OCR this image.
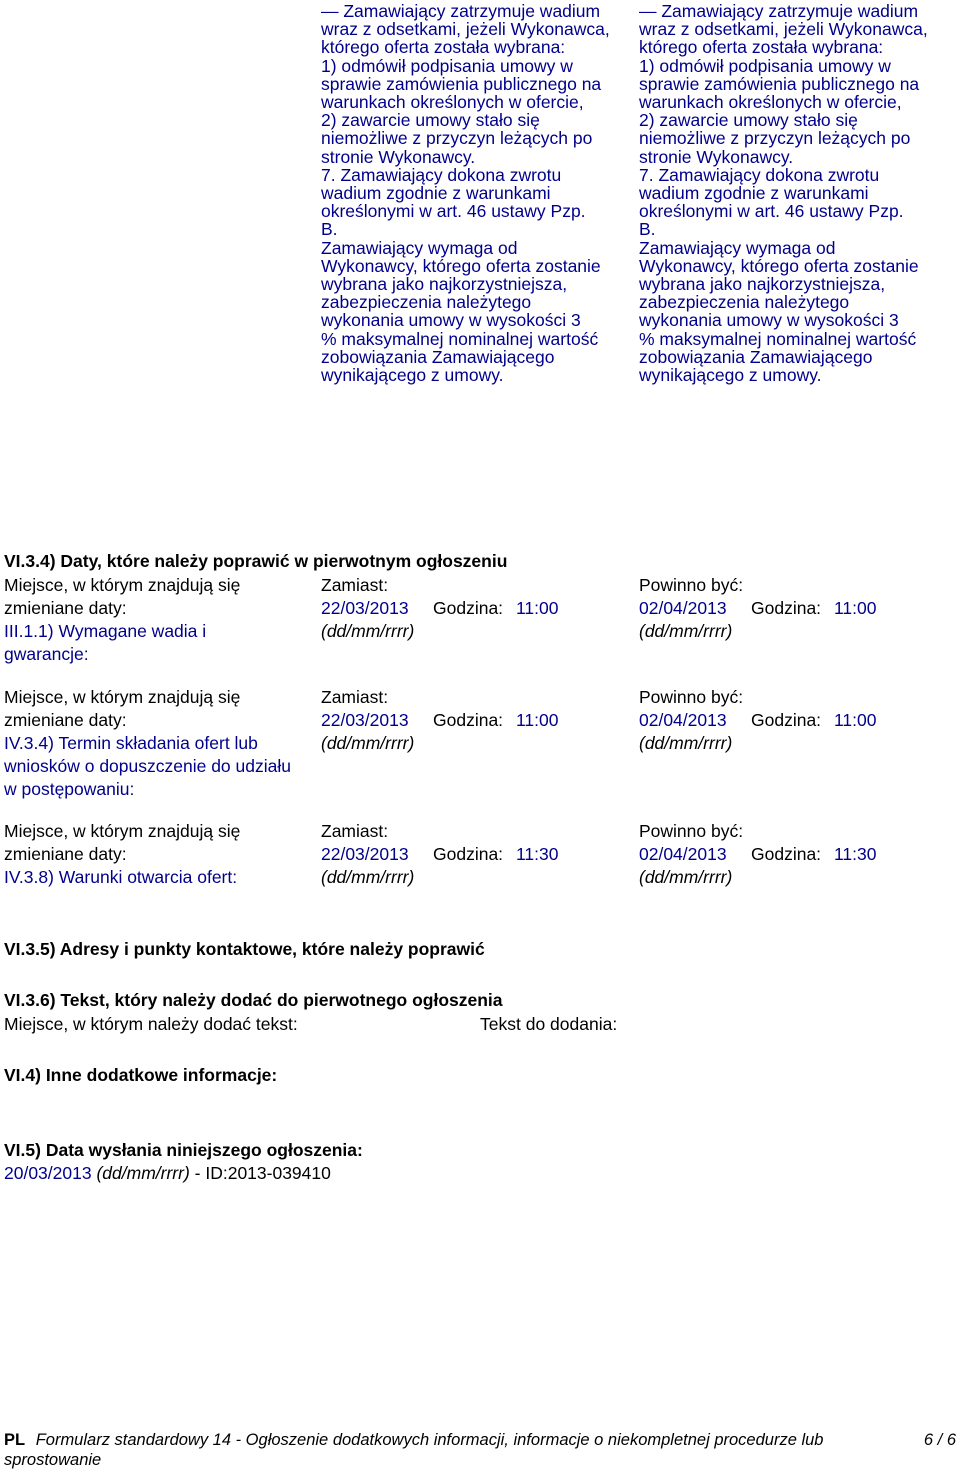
— Zamawiający zatrzymuje wadium
wraz z odsetkami, jeżeli Wykonawca,
którego oferta została wybrana:
1) odmówił podpisania umowy w
sprawie zamówienia publicznego na
warunkach określonych w ofercie,
2) zawarcie umowy stało się
niemożliwe z przyczyn leżących po
stronie Wykonawcy.
7. Zamawiający dokona zwrotu
wadium zgodnie z warunkami
określonymi w art. 46 ustawy Pzp.
B.
Zamawiający wymaga od
Wykonawcy, którego oferta zostanie
wybrana jako najkorzystniejsza,
zabezpieczenia należytego
wykonania umowy w wysokości 3
% maksymalnej nominalnej wartość
zobowiązania Zamawiającego
wynikającego z umowy.
— Zamawiający zatrzymuje wadium
wraz z odsetkami, jeżeli Wykonawca,
którego oferta została wybrana:
1) odmówił podpisania umowy w
sprawie zamówienia publicznego na
warunkach określonych w ofercie,
2) zawarcie umowy stało się
niemożliwe z przyczyn leżących po
stronie Wykonawcy.
7. Zamawiający dokona zwrotu
wadium zgodnie z warunkami
określonymi w art. 46 ustawy Pzp.
B.
Zamawiający wymaga od
Wykonawcy, którego oferta zostanie
wybrana jako najkorzystniejsza,
zabezpieczenia należytego
wykonania umowy w wysokości 3
% maksymalnej nominalnej wartość
zobowiązania Zamawiającego
wynikającego z umowy.
VI.3.4) Daty, które należy poprawić w pierwotnym ogłoszeniu
Miejsce, w którym znajdują się
zmieniane daty:
III.1.1) Wymagane wadia i
gwarancje:
Zamiast:
22/03/2013 Godzina: 11:00
(dd/mm/rrrr)
Powinno być:
02/04/2013 Godzina: 11:00
(dd/mm/rrrr)
Miejsce, w którym znajdują się
zmieniane daty:
IV.3.4) Termin składania ofert lub
wniosków o dopuszczenie do udziału
w postępowaniu:
Zamiast:
22/03/2013 Godzina: 11:00
(dd/mm/rrrr)
Powinno być:
02/04/2013 Godzina: 11:00
(dd/mm/rrrr)
Miejsce, w którym znajdują się
zmieniane daty:
IV.3.8) Warunki otwarcia ofert:
Zamiast:
22/03/2013 Godzina: 11:30
(dd/mm/rrrr)
Powinno być:
02/04/2013 Godzina: 11:30
(dd/mm/rrrr)
VI.3.5) Adresy i punkty kontaktowe, które należy poprawić
VI.3.6) Tekst, który należy dodać do pierwotnego ogłoszenia
Miejsce, w którym należy dodać tekst:	Tekst do dodania:
VI.4) Inne dodatkowe informacje:
VI.5) Data wysłania niniejszego ogłoszenia:
20/03/2013 (dd/mm/rrrr) - ID:2013-039410
PL Formularz standardowy 14 - Ogłoszenie dodatkowych informacji, informacje o niekompletnej procedurze lub sprostowanie
6 / 6
